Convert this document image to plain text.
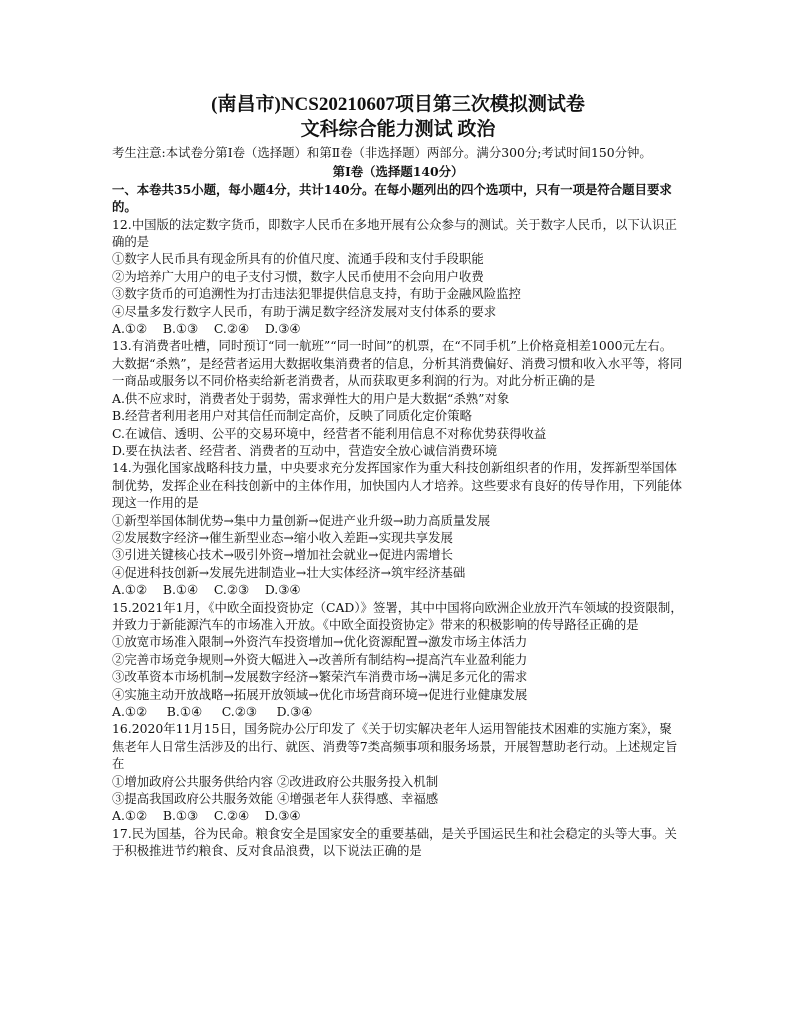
(南昌市)NCS20210607项目第三次模拟测试卷
文科综合能力测试 政治
考生注意:本试卷分第Ⅰ卷（选择题）和第Ⅱ卷（非选择题）两部分。满分300分;考试时间150分钟。
第Ⅰ卷（选择题140分）
一、本卷共35小题，每小题4分，共计140分。在每小题列出的四个选项中，只有一项是符合题目要求的。
12.中国版的法定数字货币，即数字人民币在多地开展有公众参与的测试。关于数字人民币，以下认识正确的是
①数字人民币具有现金所具有的价值尺度、流通手段和支付手段职能
②为培养广大用户的电子支付习惯，数字人民币使用不会向用户收费
③数字货币的可追溯性为打击违法犯罪提供信息支持，有助于金融风险监控
④尽量多发行数字人民币，有助于满足数字经济发展对支付体系的要求
A.①②    B.①③    C.②④    D.③④
13.有消费者吐槽，同时预订“同一航班”“同一时间”的机票，在“不同手机”上价格竟相差1000元左右。大数据“杀熟”，是经营者运用大数据收集消费者的信息，分析其消费偏好、消费习惯和收入水平等，将同一商品或服务以不同价格卖给新老消费者，从而获取更多利润的行为。对此分析正确的是
A.供不应求时，消费者处于弱势，需求弹性大的用户是大数据“杀熟”对象
B.经营者利用老用户对其信任而制定高价，反映了同质化定价策略
C.在诚信、透明、公平的交易环境中，经营者不能利用信息不对称优势获得收益
D.要在执法者、经营者、消费者的互动中，营造安全放心诚信消费环境
14.为强化国家战略科技力量，中央要求充分发挥国家作为重大科技创新组织者的作用，发挥新型举国体制优势，发挥企业在科技创新中的主体作用，加快国内人才培养。这些要求有良好的传导作用，下列能体现这一作用的是
①新型举国体制优势→集中力量创新→促进产业升级→助力高质量发展
②发展数字经济→催生新型业态→缩小收入差距→实现共享发展
③引进关键核心技术→吸引外资→增加社会就业→促进内需增长
④促进科技创新→发展先进制造业→壮大实体经济→筑牢经济基础
A.①②    B.①④    C.②③    D.③④
15.2021年1月，《中欧全面投资协定（CAD）》签署，其中中国将向欧洲企业放开汽车领域的投资限制，并致力于新能源汽车的市场准入开放。《中欧全面投资协定》带来的积极影响的传导路径正确的是
①放宽市场准入限制→外资汽车投资增加→优化资源配置→激发市场主体活力
②完善市场竞争规则→外资大幅进入→改善所有制结构→提高汽车业盈利能力
③改革资本市场机制→发展数字经济→繁荣汽车消费市场→满足多元化的需求
④实施主动开放战略→拓展开放领域→优化市场营商环境→促进行业健康发展
A.①②     B.①④     C.②③     D.③④
16.2020年11月15日，国务院办公厅印发了《关于切实解决老年人运用智能技术困难的实施方案》，聚焦老年人日常生活涉及的出行、就医、消费等7类高频事项和服务场景，开展智慧助老行动。上述规定旨在
①增加政府公共服务供给内容 ②改进政府公共服务投入机制
③提高我国政府公共服务效能 ④增强老年人获得感、幸福感
A.①②    B.①③    C.②④    D.③④
17.民为国基，谷为民命。粮食安全是国家安全的重要基础，是关乎国运民生和社会稳定的头等大事。关于积极推进节约粮食、反对食品浪费，以下说法正确的是
